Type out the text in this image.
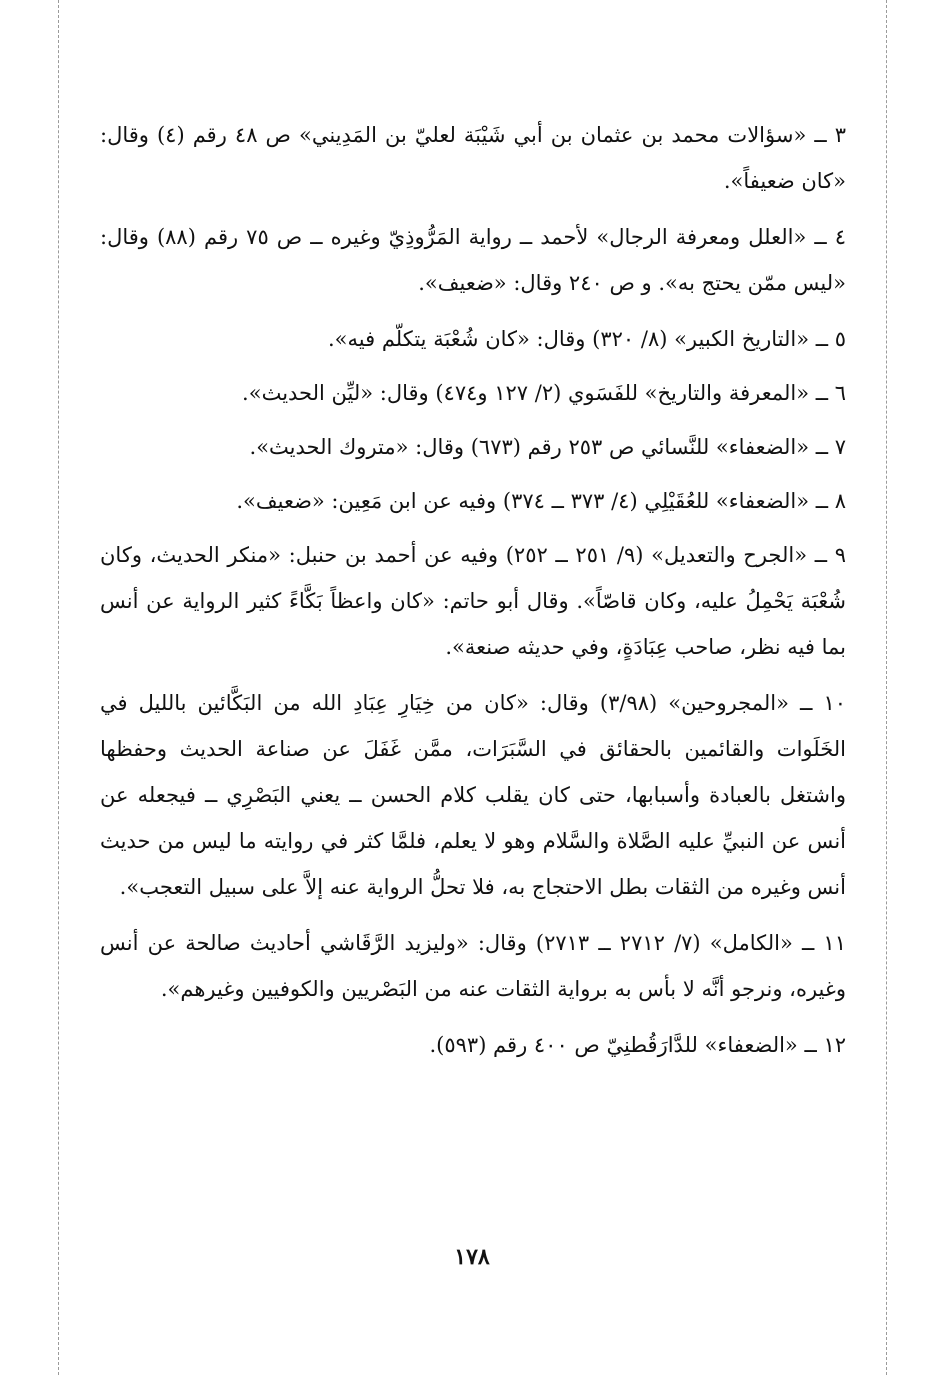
٣ ــ «سؤالات محمد بن عثمان بن أبي شَيْبَة لعليّ بن المَدِيني» ص ٤٨ رقم (٤) وقال: «كان ضعيفاً».

٤ ــ «العلل ومعرفة الرجال» لأحمد ــ رواية المَرُّوذِيّ وغيره ــ ص ٧٥ رقم (٨٨) وقال: «ليس ممّن يحتج به». و ص ٢٤٠ وقال: «ضعيف».

٥ ــ «التاريخ الكبير» (٨/ ٣٢٠) وقال: «كان شُعْبَة يتكلّم فيه».

٦ ــ «المعرفة والتاريخ» للفَسَوي (٢/ ١٢٧ و٤٧٤) وقال: «ليِّن الحديث».

٧ ــ «الضعفاء» للنَّسائي ص ٢٥٣ رقم (٦٧٣) وقال: «متروك الحديث».

٨ ــ «الضعفاء» للعُقَيْلِي (٤/ ٣٧٣ ــ ٣٧٤) وفيه عن ابن مَعِين: «ضعيف».

٩ ــ «الجرح والتعديل» (٩/ ٢٥١ ــ ٢٥٢) وفيه عن أحمد بن حنبل: «منكر الحديث، وكان شُعْبَة يَحْمِلُ عليه، وكان قاصّاً». وقال أبو حاتم: «كان واعظاً بَكَّاءً كثير الرواية عن أنس بما فيه نظر، صاحب عِبَادَةٍ، وفي حديثه صنعة».

١٠ ــ «المجروحين» (٣/٩٨) وقال: «كان من خِيَارِ عِبَادِ الله من البَكَّائين بالليل في الخَلَوات والقائمين بالحقائق في السَّبَرَات، ممَّن غَفَلَ عن صناعة الحديث وحفظها واشتغل بالعبادة وأسبابها، حتى كان يقلب كلام الحسن ــ يعني البَصْرِي ــ فيجعله عن أنس عن النبيِّ عليه الصَّلاة والسَّلام وهو لا يعلم، فلمَّا كثر في روايته ما ليس من حديث أنس وغيره من الثقات بطل الاحتجاج به، فلا تحلُّ الرواية عنه إلاَّ على سبيل التعجب».

١١ ــ «الكامل» (٧/ ٢٧١٢ ــ ٢٧١٣) وقال: «وليزيد الرَّقَاشي أحاديث صالحة عن أنس وغيره، ونرجو أنَّه لا بأس به برواية الثقات عنه من البَصْريين والكوفيين وغيرهم».

١٢ ــ «الضعفاء» للدَّارَقُطنِيّ ص ٤٠٠ رقم (٥٩٣).

١٧٨
